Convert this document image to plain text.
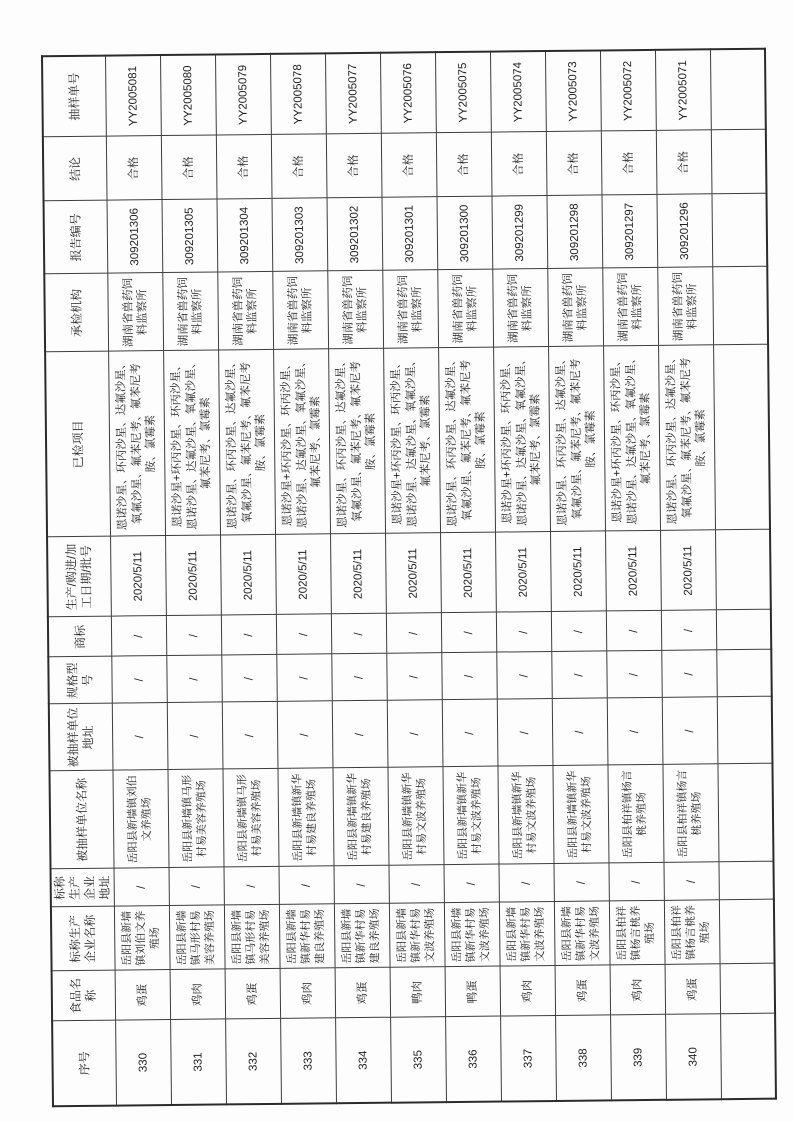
序号	食品名称	标称生产企业名称	标称生产企业地址	被抽样单位名称	被抽样单位地址	规格型号	商标	生产/购进/加工日期/批号	已检项目	承检机构	报告编号	结论	抽样单号
330	鸡蛋	岳阳县新墙镇刘伯文养殖场	/	岳阳县新墙镇刘伯文养殖场	/	/	/	2020/5/11	恩诺沙星、环丙沙星、达氟沙星、氧氟沙星、氟苯尼考、氟苯尼考胺、氯霉素	湖南省兽药饲料监察所	309201306	合格	YY2005081
331	鸡肉	岳阳县新墙镇马形村易美容养殖场	/	岳阳县新墙镇马形村易美容养殖场	/	/	/	2020/5/11	恩诺沙星+环丙沙星、环丙沙星、恩诺沙星、达氟沙星、氧氟沙星、氟苯尼考、氯霉素	湖南省兽药饲料监察所	309201305	合格	YY2005080
332	鸡蛋	岳阳县新墙镇马形村易美容养殖场	/	岳阳县新墙镇马形村易美容养殖场	/	/	/	2020/5/11	恩诺沙星、环丙沙星、达氟沙星、氧氟沙星、氟苯尼考、氟苯尼考胺、氯霉素	湖南省兽药饲料监察所	309201304	合格	YY2005079
333	鸡肉	岳阳县新墙镇新华村易建良养殖场	/	岳阳县新墙镇新华村易建良养殖场	/	/	/	2020/5/11	恩诺沙星+环丙沙星、环丙沙星、恩诺沙星、达氟沙星、氧氟沙星、氟苯尼考、氯霉素	湖南省兽药饲料监察所	309201303	合格	YY2005078
334	鸡蛋	岳阳县新墙镇新华村易建良养殖场	/	岳阳县新墙镇新华村易建良养殖场	/	/	/	2020/5/11	恩诺沙星、环丙沙星、达氟沙星、氧氟沙星、氟苯尼考、氟苯尼考胺、氯霉素	湖南省兽药饲料监察所	309201302	合格	YY2005077
335	鸭肉	岳阳县新墙镇新华村易文波养殖场	/	岳阳县新墙镇新华村易文波养殖场	/	/	/	2020/5/11	恩诺沙星+环丙沙星、环丙沙星、恩诺沙星、达氟沙星、氧氟沙星、氟苯尼考、氯霉素	湖南省兽药饲料监察所	309201301	合格	YY2005076
336	鸭蛋	岳阳县新墙镇新华村易文波养殖场	/	岳阳县新墙镇新华村易文波养殖场	/	/	/	2020/5/11	恩诺沙星、环丙沙星、达氟沙星、氧氟沙星、氟苯尼考、氟苯尼考胺、氯霉素	湖南省兽药饲料监察所	309201300	合格	YY2005075
337	鸡肉	岳阳县新墙镇新华村易文波养殖场	/	岳阳县新墙镇新华村易文波养殖场	/	/	/	2020/5/11	恩诺沙星+环丙沙星、环丙沙星、恩诺沙星、达氟沙星、氧氟沙星、氟苯尼考、氯霉素	湖南省兽药饲料监察所	309201299	合格	YY2005074
338	鸡蛋	岳阳县新墙镇新华村易文波养殖场	/	岳阳县新墙镇新华村易文波养殖场	/	/	/	2020/5/11	恩诺沙星、环丙沙星、达氟沙星、氧氟沙星、氟苯尼考、氟苯尼考胺、氯霉素	湖南省兽药饲料监察所	309201298	合格	YY2005073
339	鸡肉	岳阳县柏祥镇杨言桃养殖场	/	岳阳县柏祥镇杨言桃养殖场	/	/	/	2020/5/11	恩诺沙星+环丙沙星、环丙沙星、恩诺沙星、达氟沙星、氧氟沙星、氟苯尼考、氯霉素	湖南省兽药饲料监察所	309201297	合格	YY2005072
340	鸡蛋	岳阳县柏祥镇杨言桃养殖场	/	岳阳县柏祥镇杨言桃养殖场	/	/	/	2020/5/11	恩诺沙星、环丙沙星、达氟沙星、氧氟沙星、氟苯尼考、氟苯尼考胺、氯霉素	湖南省兽药饲料监察所	309201296	合格	YY2005071
